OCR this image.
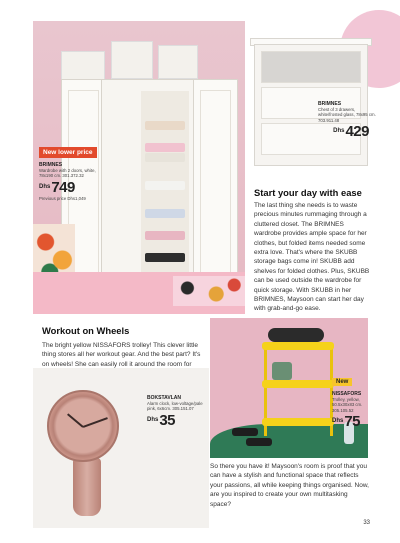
New lower price
BRIMNES
Wardrobe with 2 doors, white, 78x190 cm. 301.372.32
Dhs 749
Previous price Dhs1,049
BRIMNES
Chest of 3 drawers, white/frosted glass, 78x95 cm. 703.911.48
Dhs 429
Start your day with ease
The last thing she needs is to waste precious minutes rummaging through a cluttered closet. The BRIMNES wardrobe provides ample space for her clothes, but folded items needed some extra love. That's where the SKUBB storage bags come in! SKUBB add shelves for folded clothes. Plus, SKUBB can be used outside the wardrobe for quick storage. With SKUBB in her BRIMNES, Maysoon can start her day with grab-and-go ease.
Workout on Wheels
The bright yellow NISSAFORS trolley! This clever little thing stores all her workout gear. And the best part? It's on wheels! She can easily roll it around the room for
BOKSTAVLAN
Alarm clock, low-voltage/pale pink, 6x6cm. 305.151.07
Dhs 35
New
NISSAFORS
Trolley, yellow, 50.5x30x83 cm. 305.105.52
Dhs 75
So there you have it! Maysoon's room is proof that you can have a stylish and functional space that reflects your passions, all while keeping things organised. Now, are you inspired to create your own multitasking space?
33
